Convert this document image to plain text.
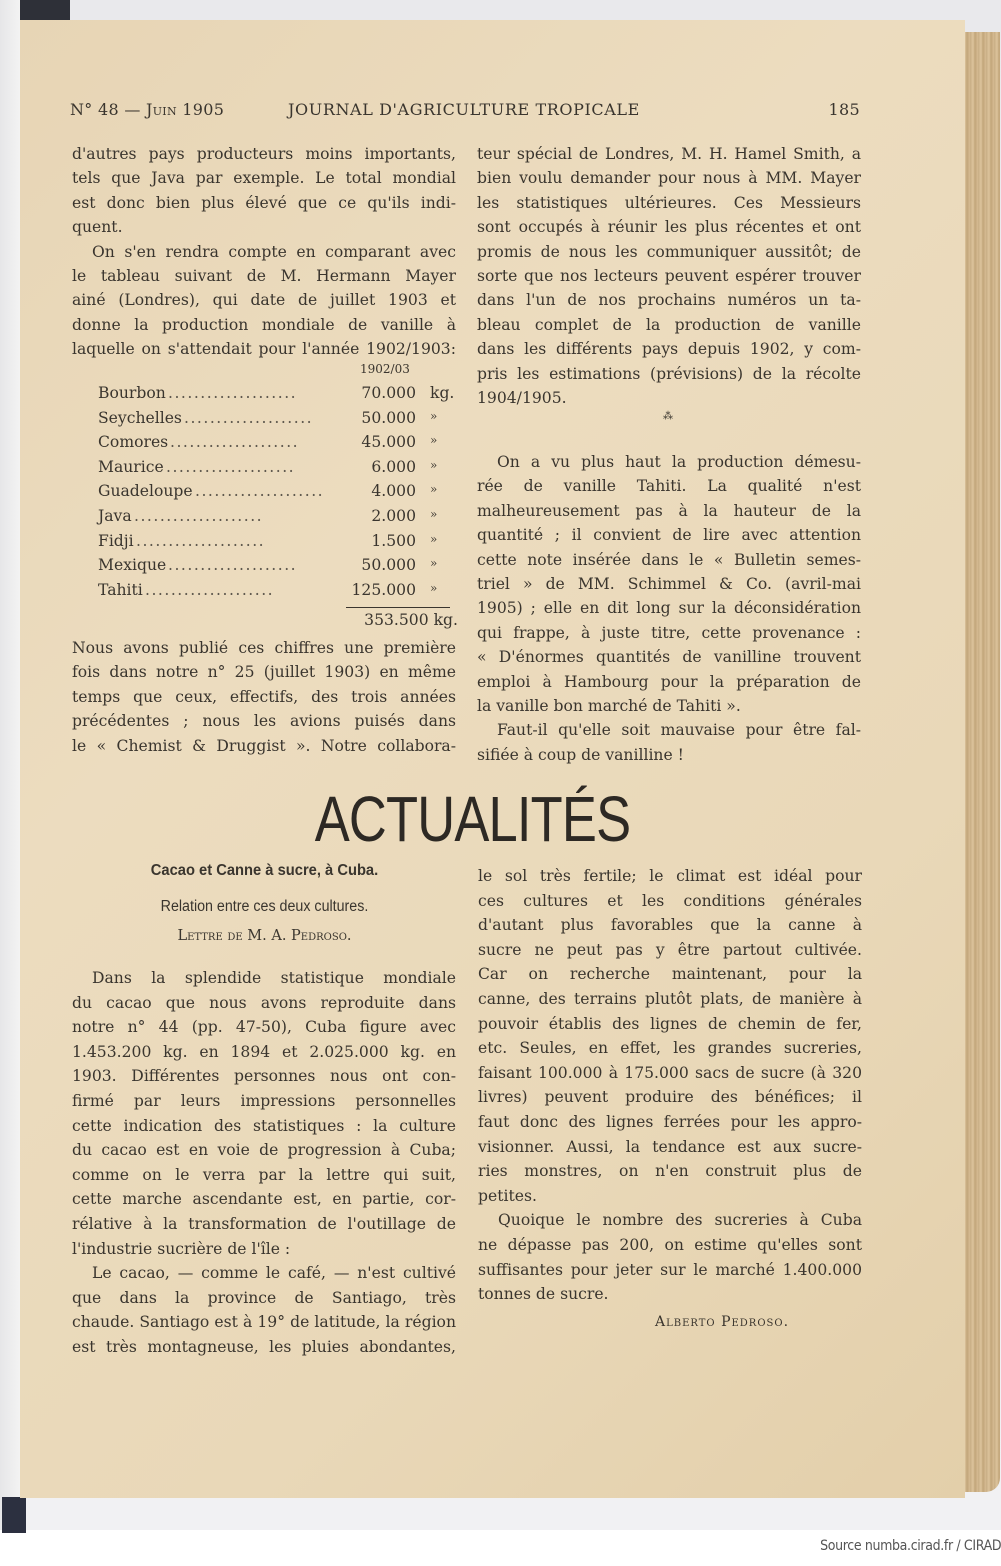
N° 48 — Juin 1905	JOURNAL D'AGRICULTURE TROPICALE	185
d'autres pays producteurs moins importants,
tels que Java par exemple. Le total mondial
est donc bien plus élevé que ce qu'ils indi-
quent.
On s'en rendra compte en comparant avec
le tableau suivant de M. Hermann Mayer
ainé (Londres), qui date de juillet 1903 et
donne la production mondiale de vanille à
laquelle on s'attendait pour l'année 1902/1903:
1902/03
Bourbon ....................	70.000 kg.
Seychelles ....................	50.000 »
Comores ....................	45.000 »
Maurice ....................	6.000 »
Guadeloupe ....................	4.000 »
Java ....................	2.000 »
Fidji ....................	1.500 »
Mexique ....................	50.000 »
Tahiti ....................	125.000 »
353.500 kg.
Nous avons publié ces chiffres une première
fois dans notre n° 25 (juillet 1903) en même
temps que ceux, effectifs, des trois années
précédentes ; nous les avions puisés dans
le « Chemist & Druggist ». Notre collabora-
teur spécial de Londres, M. H. Hamel Smith, a
bien voulu demander pour nous à MM. Mayer
les statistiques ultérieures. Ces Messieurs
sont occupés à réunir les plus récentes et ont
promis de nous les communiquer aussitôt; de
sorte que nos lecteurs peuvent espérer trouver
dans l'un de nos prochains numéros un ta-
bleau complet de la production de vanille
dans les différents pays depuis 1902, y com-
pris les estimations (prévisions) de la récolte
1904/1905.
⁂
On a vu plus haut la production démesu-
rée de vanille Tahiti. La qualité n'est
malheureusement pas à la hauteur de la
quantité ; il convient de lire avec attention
cette note insérée dans le « Bulletin semes-
triel » de MM. Schimmel & Co. (avril-mai
1905) ; elle en dit long sur la déconsidération
qui frappe, à juste titre, cette provenance :
« D'énormes quantités de vanilline trouvent
emploi à Hambourg pour la préparation de
la vanille bon marché de Tahiti ».
Faut-il qu'elle soit mauvaise pour être fal-
sifiée à coup de vanilline !
ACTUALITÉS
Cacao et Canne à sucre, à Cuba.
Relation entre ces deux cultures.
Lettre de M. A. Pedroso.
Dans la splendide statistique mondiale
du cacao que nous avons reproduite dans
notre n° 44 (pp. 47-50), Cuba figure avec
1.453.200 kg. en 1894 et 2.025.000 kg. en
1903. Différentes personnes nous ont con-
firmé par leurs impressions personnelles
cette indication des statistiques : la culture
du cacao est en voie de progression à Cuba;
comme on le verra par la lettre qui suit,
cette marche ascendante est, en partie, cor-
rélative à la transformation de l'outillage de
l'industrie sucrière de l'île :
Le cacao, — comme le café, — n'est cultivé
que dans la province de Santiago, très
chaude. Santiago est à 19° de latitude, la région
est très montagneuse, les pluies abondantes,
le sol très fertile; le climat est idéal pour
ces cultures et les conditions générales
d'autant plus favorables que la canne à
sucre ne peut pas y être partout cultivée.
Car on recherche maintenant, pour la
canne, des terrains plutôt plats, de manière à
pouvoir établis des lignes de chemin de fer,
etc. Seules, en effet, les grandes sucreries,
faisant 100.000 à 175.000 sacs de sucre (à 320
livres) peuvent produire des bénéfices; il
faut donc des lignes ferrées pour les appro-
visionner. Aussi, la tendance est aux sucre-
ries monstres, on n'en construit plus de
petites.
Quoique le nombre des sucreries à Cuba
ne dépasse pas 200, on estime qu'elles sont
suffisantes pour jeter sur le marché 1.400.000
tonnes de sucre.
Alberto Pedroso.
Source numba.cirad.fr / CIRAD
